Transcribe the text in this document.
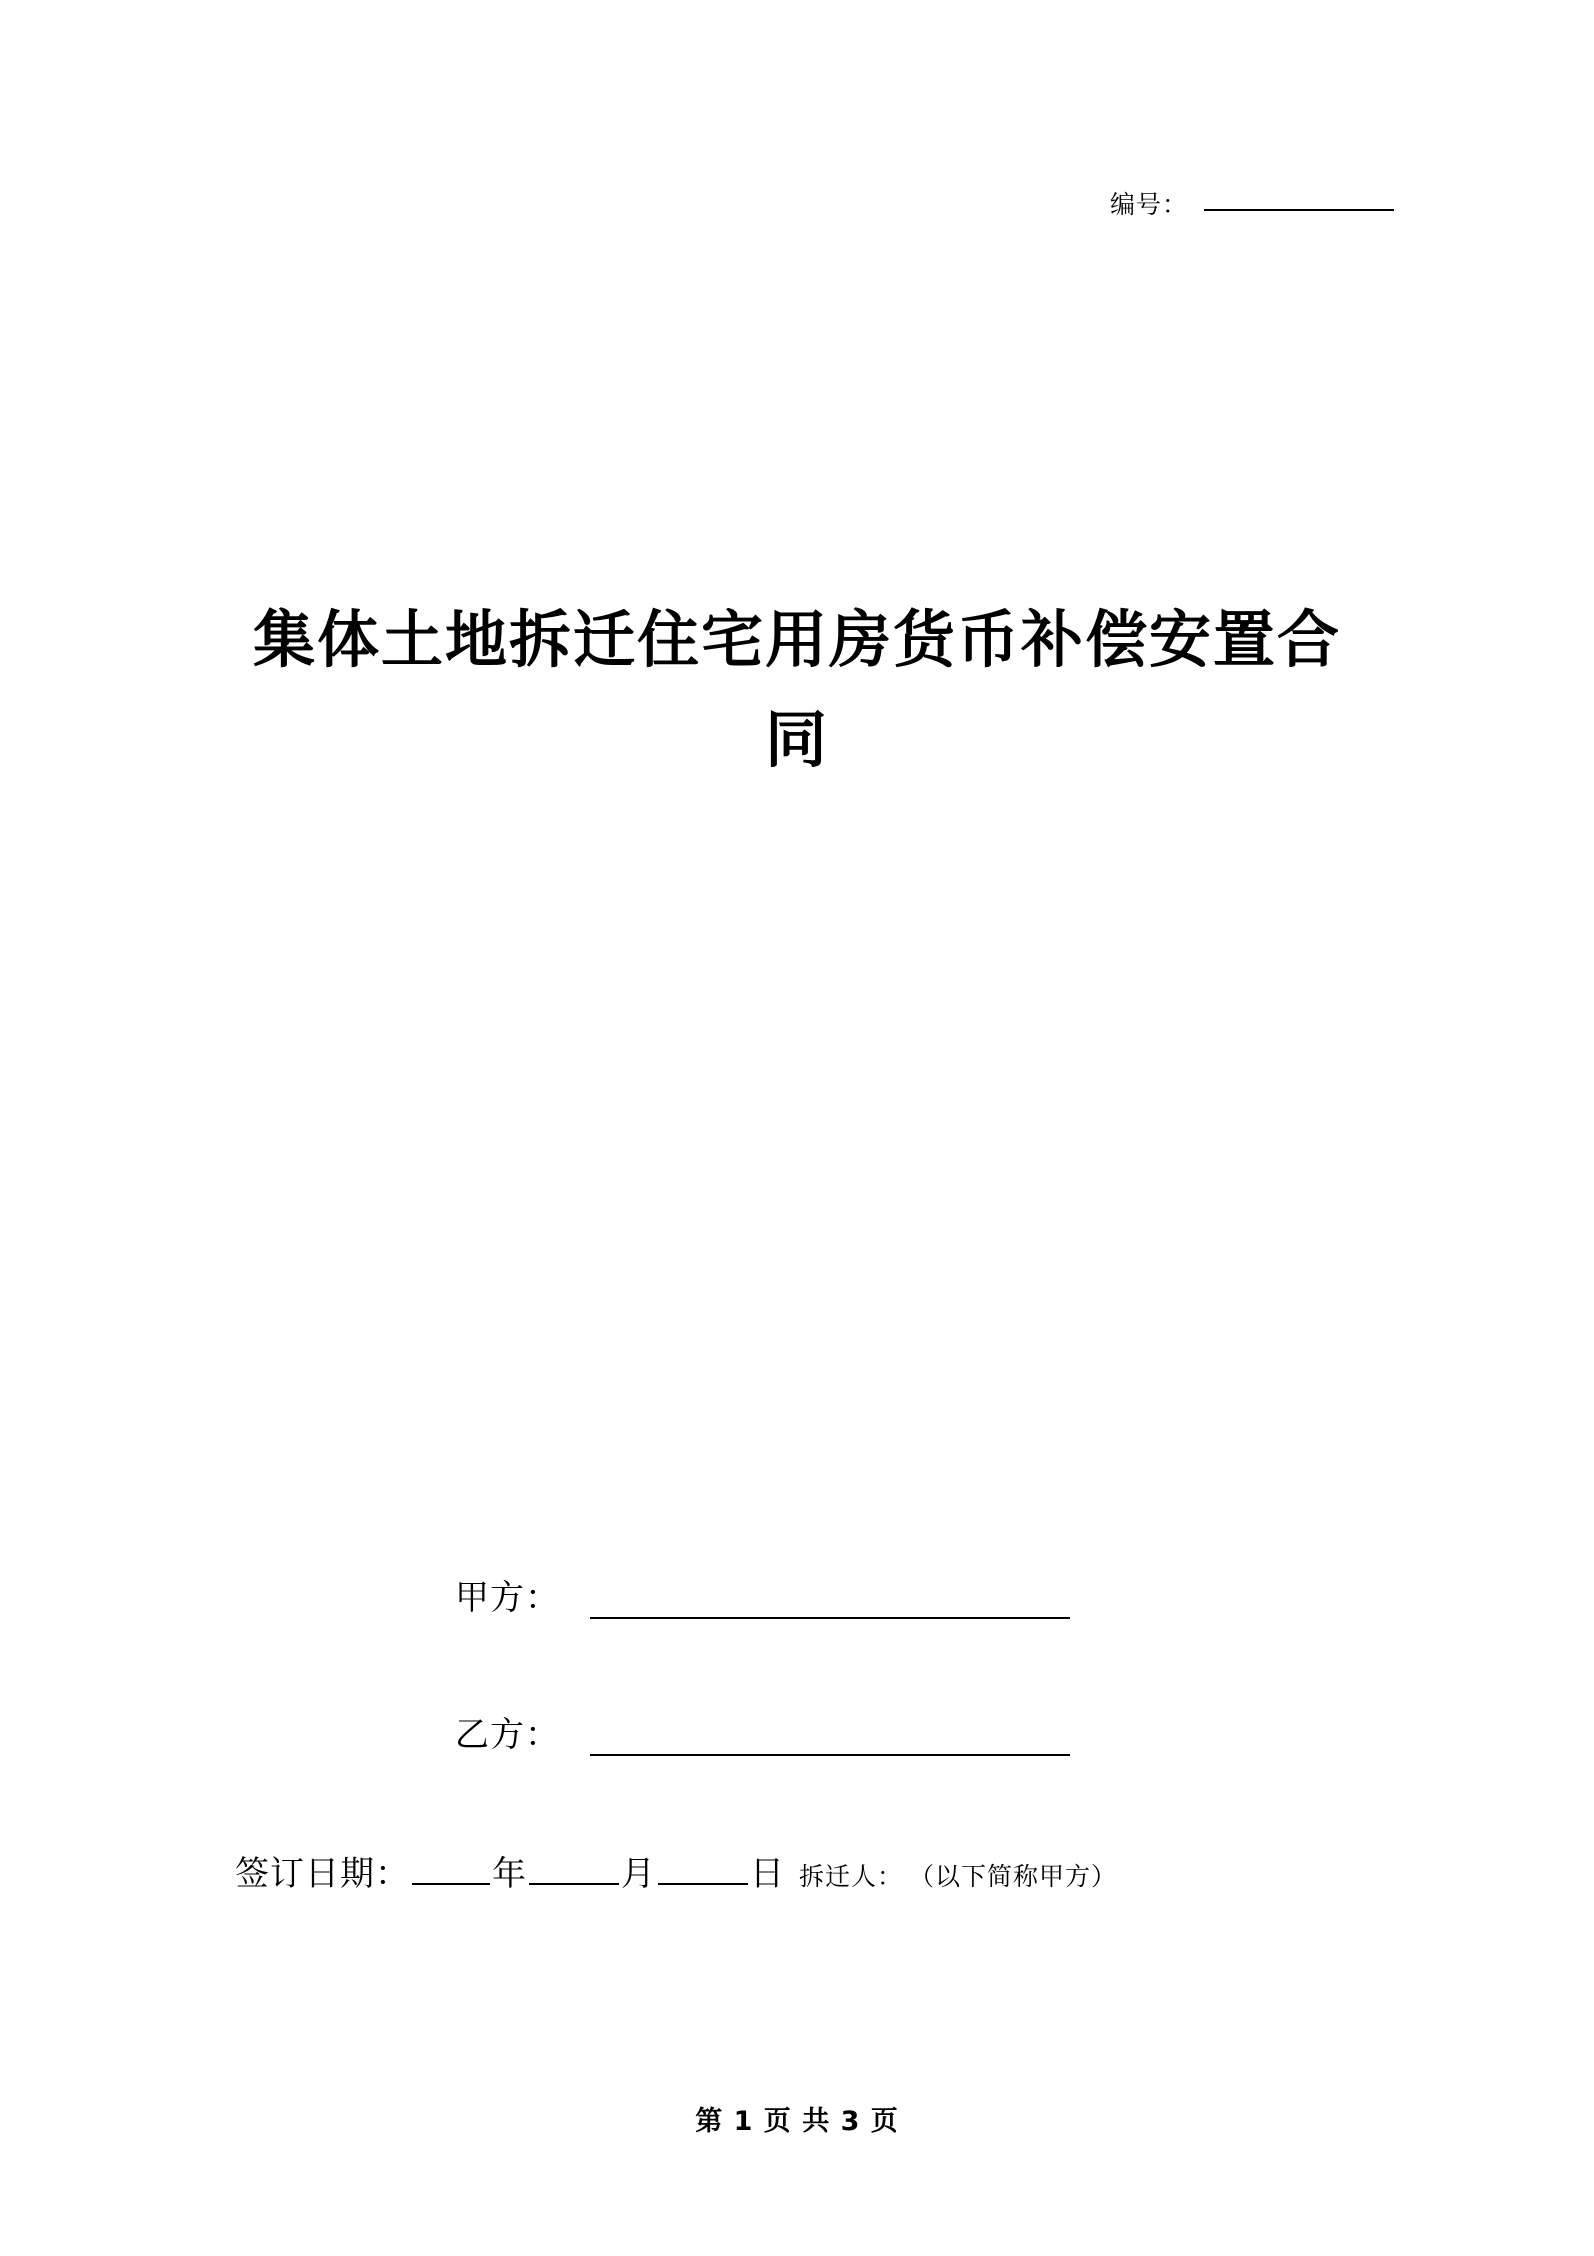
编号：
集体土地拆迁住宅用房货币补偿安置合同
甲方：
乙方：
签订日期： 年	月	日 拆迁人： （以下简称甲方）
第 1 页 共 3 页
